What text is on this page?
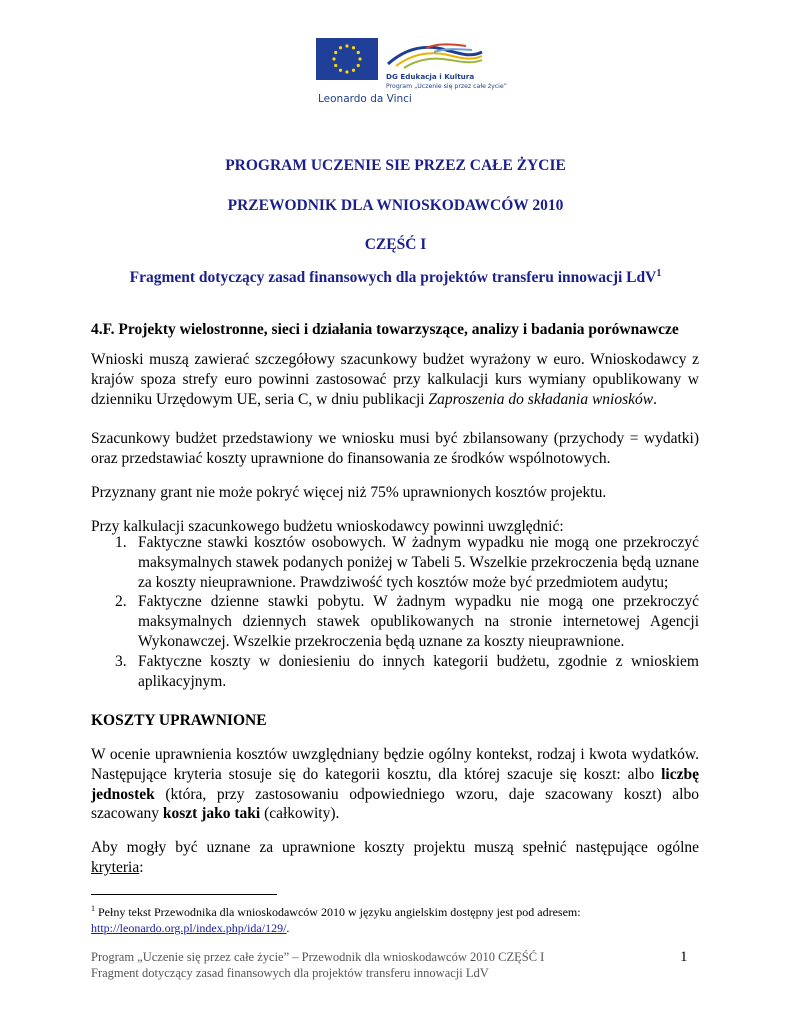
DG Edukacja i Kultura
Program „Uczenie się przez całe życie”
Leonardo da Vinci
PROGRAM UCZENIE SIE PRZEZ CAŁE ŻYCIE
PRZEWODNIK DLA WNIOSKODAWCÓW 2010
CZĘŚĆ I
Fragment dotyczący zasad finansowych dla projektów transferu innowacji LdV$^1$
4.F. Projekty wielostronne, sieci i działania towarzyszące, analizy i badania porównawcze
Wnioski muszą zawierać szczegółowy szacunkowy budżet wyrażony w euro. Wnioskodawcy z krajów spoza strefy euro powinni zastosować przy kalkulacji kurs wymiany opublikowany w dzienniku Urzędowym UE, seria C, w dniu publikacji Zaproszenia do składania wniosków.
Szacunkowy budżet przedstawiony we wniosku musi być zbilansowany (przychody = wydatki) oraz przedstawiać koszty uprawnione do finansowania ze środków wspólnotowych.
Przyznany grant nie może pokryć więcej niż 75% uprawnionych kosztów projektu.
Przy kalkulacji szacunkowego budżetu wnioskodawcy powinni uwzględnić:
1. Faktyczne stawki kosztów osobowych. W żadnym wypadku nie mogą one przekroczyć maksymalnych stawek podanych poniżej w Tabeli 5. Wszelkie przekroczenia będą uznane za koszty nieuprawnione. Prawdziwość tych kosztów może być przedmiotem audytu;
2. Faktyczne dzienne stawki pobytu. W żadnym wypadku nie mogą one przekroczyć maksymalnych dziennych stawek opublikowanych na stronie internetowej Agencji Wykonawczej. Wszelkie przekroczenia będą uznane za koszty nieuprawnione.
3. Faktyczne koszty w doniesieniu do innych kategorii budżetu, zgodnie z wnioskiem aplikacyjnym.
KOSZTY UPRAWNIONE
W ocenie uprawnienia kosztów uwzględniany będzie ogólny kontekst, rodzaj i kwota wydatków. Następujące kryteria stosuje się do kategorii kosztu, dla której szacuje się koszt: albo liczbę jednostek (która, przy zastosowaniu odpowiedniego wzoru, daje szacowany koszt) albo szacowany koszt jako taki (całkowity).
Aby mogły być uznane za uprawnione koszty projektu muszą spełnić następujące ogólne kryteria:
$^1$ Pełny tekst Przewodnika dla wnioskodawców 2010 w języku angielskim dostępny jest pod adresem:
http://leonardo.org.pl/index.php/ida/129/.
Program „Uczenie się przez całe życie” – Przewodnik dla wnioskodawców 2010 CZĘŚĆ I
Fragment dotyczący zasad finansowych dla projektów transferu innowacji LdV
1
